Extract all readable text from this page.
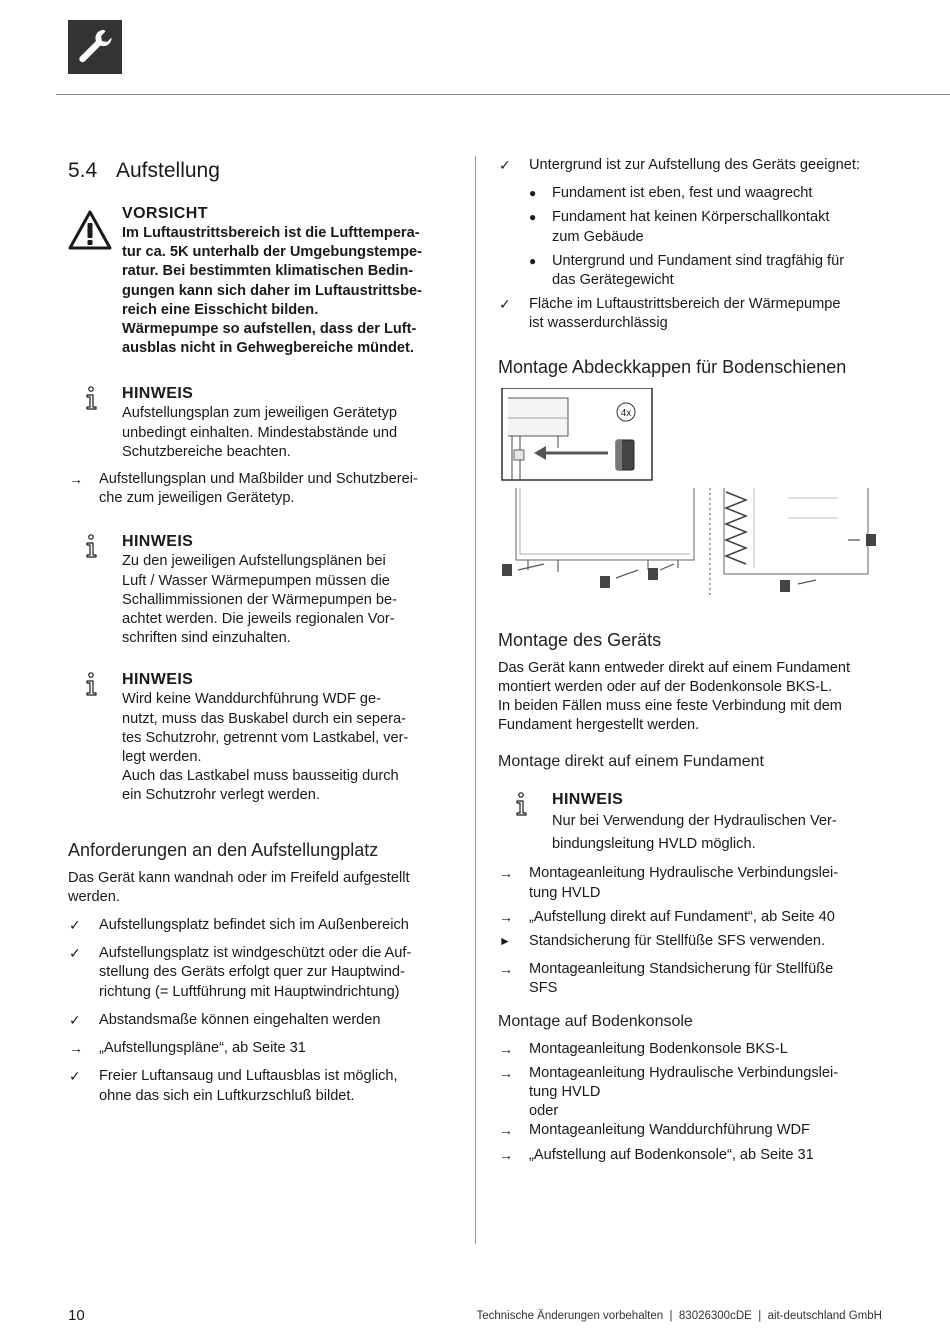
5.4 Aufstellung
VORSICHT
Im Luftaustrittsbereich ist die Lufttempera-
tur ca. 5K unterhalb der Umgebungstempe-
ratur. Bei bestimmten klimatischen Bedin-
gungen kann sich daher im Luftaustrittsbe-
reich eine Eisschicht bilden.
Wärmepumpe so aufstellen, dass der Luft-
ausblas nicht in Gehwegbereiche mündet.
HINWEIS
Aufstellungsplan zum jeweiligen Gerätetyp
unbedingt einhalten. Mindestabstände und
Schutzbereiche beachten.
→ Aufstellungsplan und Maßbilder und Schutzberei-
che zum jeweiligen Gerätetyp.
HINWEIS
Zu den jeweiligen Aufstellungsplänen bei
Luft / Wasser Wärmepumpen müssen die
Schallimmissionen der Wärmepumpen be-
achtet werden. Die jeweils regionalen Vor-
schriften sind einzuhalten.
HINWEIS
Wird keine Wanddurchführung WDF ge-
nutzt, muss das Buskabel durch ein sepera-
tes Schutzrohr, getrennt vom Lastkabel, ver-
legt werden.
Auch das Lastkabel muss bausseitig durch
ein Schutzrohr verlegt werden.
Anforderungen an den Aufstellungplatz
Das Gerät kann wandnah oder im Freifeld aufgestellt
werden.
✓	Aufstellungsplatz befindet sich im Außenbereich
✓	Aufstellungsplatz ist windgeschützt oder die Auf-
stellung des Geräts erfolgt quer zur Hauptwind-
richtung (= Luftführung mit Hauptwindrichtung)
✓	Abstandsmaße können eingehalten werden
→ „Aufstellungspläne“, ab Seite 31
✓	Freier Luftansaug und Luftausblas ist möglich,
ohne das sich ein Luftkurzschluß bildet.
✓	Untergrund ist zur Aufstellung des Geräts geeignet:
●	Fundament ist eben, fest und waagrecht
●	Fundament hat keinen Körperschallkontakt
zum Gebäude
●	Untergrund und Fundament sind tragfähig für
das Gerätegewicht
✓	Fläche im Luftaustrittsbereich der Wärmepumpe
ist wasserdurchlässig
Montage Abdeckkappen für Bodenschienen
4x
Montage des Geräts
Das Gerät kann entweder direkt auf einem Fundament
montiert werden oder auf der Bodenkonsole BKS-L.
In beiden Fällen muss eine feste Verbindung mit dem
Fundament hergestellt werden.
Montage direkt auf einem Fundament
HINWEIS
Nur bei Verwendung der Hydraulischen Ver-
bindungsleitung HVLD möglich.
→ Montageanleitung Hydraulische Verbindungslei-
tung HVLD
→ „Aufstellung direkt auf Fundament“, ab Seite 40
►	Standsicherung für Stellfüße SFS verwenden.
→ Montageanleitung Standsicherung für Stellfüße
SFS
Montage auf Bodenkonsole
→ Montageanleitung Bodenkonsole BKS-L
→ Montageanleitung Hydraulische Verbindungslei-
tung HVLD
oder
→ Montageanleitung Wanddurchführung WDF
→ „Aufstellung auf Bodenkonsole“, ab Seite 31
10	Technische Änderungen vorbehalten  |  83026300cDE  |  ait-deutschland GmbH
